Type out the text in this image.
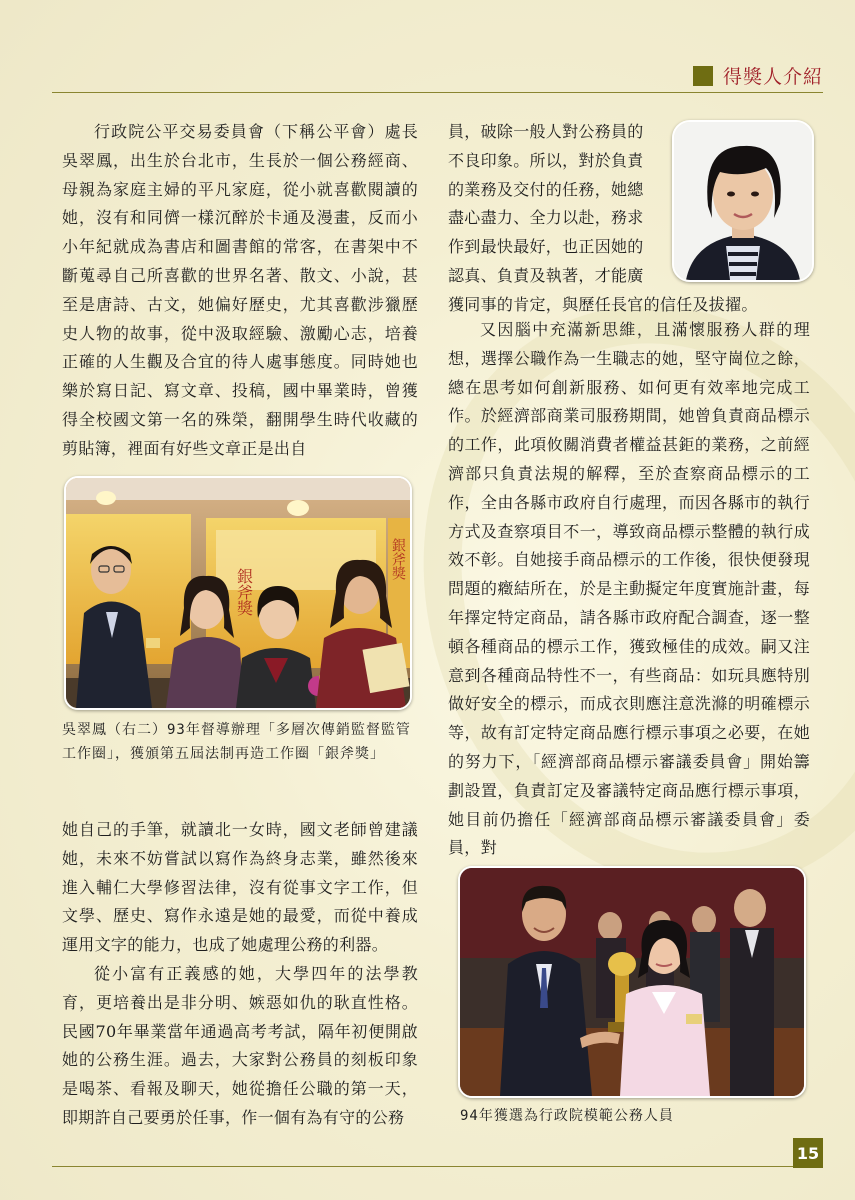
得獎人介紹

行政院公平交易委員會（下稱公平會）處長吳翠鳳，出生於台北市，生長於一個公務經商、母親為家庭主婦的平凡家庭，從小就喜歡閱讀的她，沒有和同儕一樣沉醉於卡通及漫畫，反而小小年紀就成為書店和圖書館的常客，在書架中不斷蒐尋自己所喜歡的世界名著、散文、小說，甚至是唐詩、古文，她偏好歷史，尤其喜歡涉獵歷史人物的故事，從中汲取經驗、激勵心志，培養正確的人生觀及合宜的待人處事態度。同時她也樂於寫日記、寫文章、投稿，國中畢業時，曾獲得全校國文第一名的殊榮，翻開學生時代收藏的剪貼簿，裡面有好些文章正是出自

銀斧獎
銀斧獎

吳翠鳳（右二）93年督導辦理「多層次傳銷監督監管工作圈」，獲頒第五屆法制再造工作圈「銀斧獎」

她自己的手筆，就讀北一女時，國文老師曾建議她，未來不妨嘗試以寫作為終身志業，雖然後來進入輔仁大學修習法律，沒有從事文字工作，但文學、歷史、寫作永遠是她的最愛，而從中養成運用文字的能力，也成了她處理公務的利器。

從小富有正義感的她，大學四年的法學教育，更培養出是非分明、嫉惡如仇的耿直性格。民國70年畢業當年通過高考考試，隔年初便開啟她的公務生涯。過去，大家對公務員的刻板印象是喝茶、看報及聊天，她從擔任公職的第一天，即期許自己要勇於任事，作一個有為有守的公務

員，破除一般人對公務員的
不良印象。所以，對於負責
的業務及交付的任務，她總
盡心盡力、全力以赴，務求
作到最快最好，也正因她的
認真、負責及執著，才能廣
獲同事的肯定，與歷任長官的信任及拔擢。

又因腦中充滿新思維，且滿懷服務人群的理想，選擇公職作為一生職志的她，堅守崗位之餘，總在思考如何創新服務、如何更有效率地完成工作。於經濟部商業司服務期間，她曾負責商品標示的工作，此項攸關消費者權益甚鉅的業務，之前經濟部只負責法規的解釋，至於查察商品標示的工作，全由各縣市政府自行處理，而因各縣市的執行方式及查察項目不一，導致商品標示整體的執行成效不彰。自她接手商品標示的工作後，很快便發現問題的癥結所在，於是主動擬定年度實施計畫，每年擇定特定商品，請各縣市政府配合調查，逐一整頓各種商品的標示工作，獲致極佳的成效。嗣又注意到各種商品特性不一，有些商品：如玩具應特別做好安全的標示，而成衣則應注意洗滌的明確標示等，故有訂定特定商品應行標示事項之必要，在她的努力下，「經濟部商品標示審議委員會」開始籌劃設置，負責訂定及審議特定商品應行標示事項，她目前仍擔任「經濟部商品標示審議委員會」委員，對

94年獲選為行政院模範公務人員

15
